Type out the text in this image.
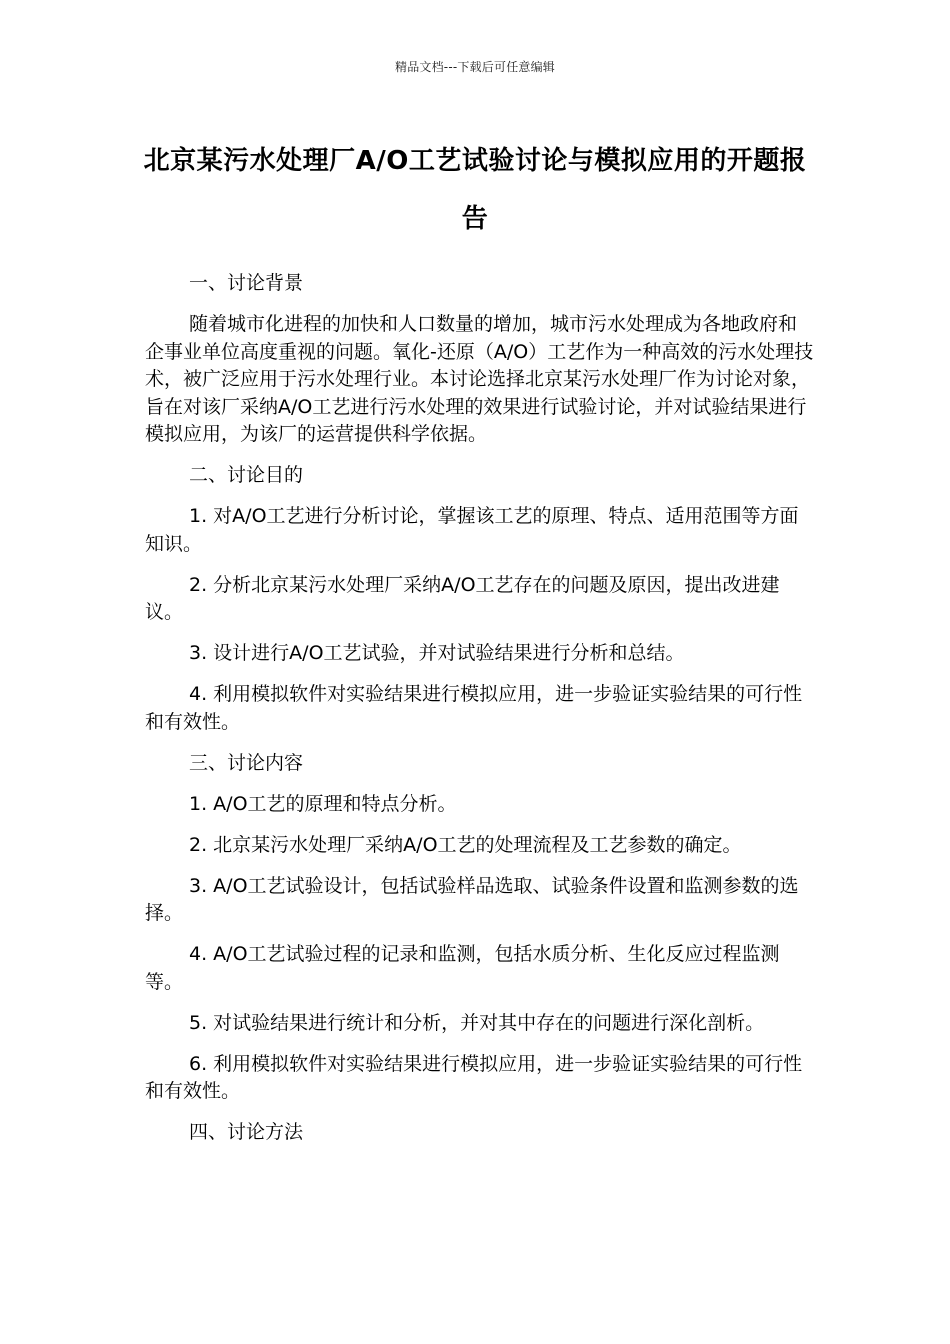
精品文档---下载后可任意编辑
北京某污水处理厂A/O工艺试验讨论与模拟应用的开题报告

一、讨论背景

随着城市化进程的加快和人口数量的增加，城市污水处理成为各地政府和企事业单位高度重视的问题。氧化-还原（A/O）工艺作为一种高效的污水处理技术，被广泛应用于污水处理行业。本讨论选择北京某污水处理厂作为讨论对象，旨在对该厂采纳A/O工艺进行污水处理的效果进行试验讨论，并对试验结果进行模拟应用，为该厂的运营提供科学依据。

二、讨论目的

1. 对A/O工艺进行分析讨论，掌握该工艺的原理、特点、适用范围等方面知识。

2. 分析北京某污水处理厂采纳A/O工艺存在的问题及原因，提出改进建议。

3. 设计进行A/O工艺试验，并对试验结果进行分析和总结。

4. 利用模拟软件对实验结果进行模拟应用，进一步验证实验结果的可行性和有效性。

三、讨论内容

1. A/O工艺的原理和特点分析。

2. 北京某污水处理厂采纳A/O工艺的处理流程及工艺参数的确定。

3. A/O工艺试验设计，包括试验样品选取、试验条件设置和监测参数的选择。

4. A/O工艺试验过程的记录和监测，包括水质分析、生化反应过程监测等。

5. 对试验结果进行统计和分析，并对其中存在的问题进行深化剖析。

6. 利用模拟软件对实验结果进行模拟应用，进一步验证实验结果的可行性和有效性。

四、讨论方法
